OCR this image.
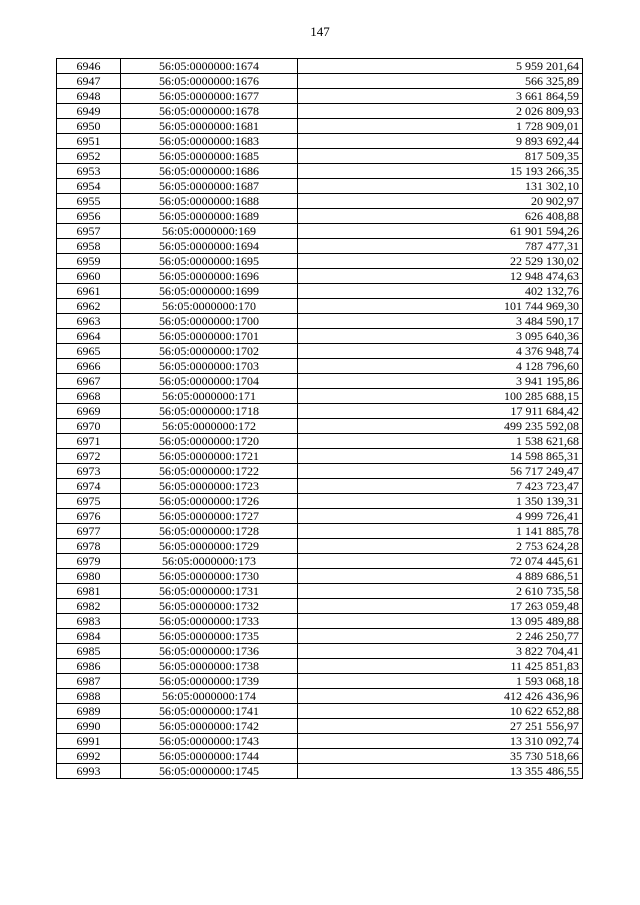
147
6946	56:05:0000000:1674	5 959 201,64
6947	56:05:0000000:1676	566 325,89
6948	56:05:0000000:1677	3 661 864,59
6949	56:05:0000000:1678	2 026 809,93
6950	56:05:0000000:1681	1 728 909,01
6951	56:05:0000000:1683	9 893 692,44
6952	56:05:0000000:1685	817 509,35
6953	56:05:0000000:1686	15 193 266,35
6954	56:05:0000000:1687	131 302,10
6955	56:05:0000000:1688	20 902,97
6956	56:05:0000000:1689	626 408,88
6957	56:05:0000000:169	61 901 594,26
6958	56:05:0000000:1694	787 477,31
6959	56:05:0000000:1695	22 529 130,02
6960	56:05:0000000:1696	12 948 474,63
6961	56:05:0000000:1699	402 132,76
6962	56:05:0000000:170	101 744 969,30
6963	56:05:0000000:1700	3 484 590,17
6964	56:05:0000000:1701	3 095 640,36
6965	56:05:0000000:1702	4 376 948,74
6966	56:05:0000000:1703	4 128 796,60
6967	56:05:0000000:1704	3 941 195,86
6968	56:05:0000000:171	100 285 688,15
6969	56:05:0000000:1718	17 911 684,42
6970	56:05:0000000:172	499 235 592,08
6971	56:05:0000000:1720	1 538 621,68
6972	56:05:0000000:1721	14 598 865,31
6973	56:05:0000000:1722	56 717 249,47
6974	56:05:0000000:1723	7 423 723,47
6975	56:05:0000000:1726	1 350 139,31
6976	56:05:0000000:1727	4 999 726,41
6977	56:05:0000000:1728	1 141 885,78
6978	56:05:0000000:1729	2 753 624,28
6979	56:05:0000000:173	72 074 445,61
6980	56:05:0000000:1730	4 889 686,51
6981	56:05:0000000:1731	2 610 735,58
6982	56:05:0000000:1732	17 263 059,48
6983	56:05:0000000:1733	13 095 489,88
6984	56:05:0000000:1735	2 246 250,77
6985	56:05:0000000:1736	3 822 704,41
6986	56:05:0000000:1738	11 425 851,83
6987	56:05:0000000:1739	1 593 068,18
6988	56:05:0000000:174	412 426 436,96
6989	56:05:0000000:1741	10 622 652,88
6990	56:05:0000000:1742	27 251 556,97
6991	56:05:0000000:1743	13 310 092,74
6992	56:05:0000000:1744	35 730 518,66
6993	56:05:0000000:1745	13 355 486,55
